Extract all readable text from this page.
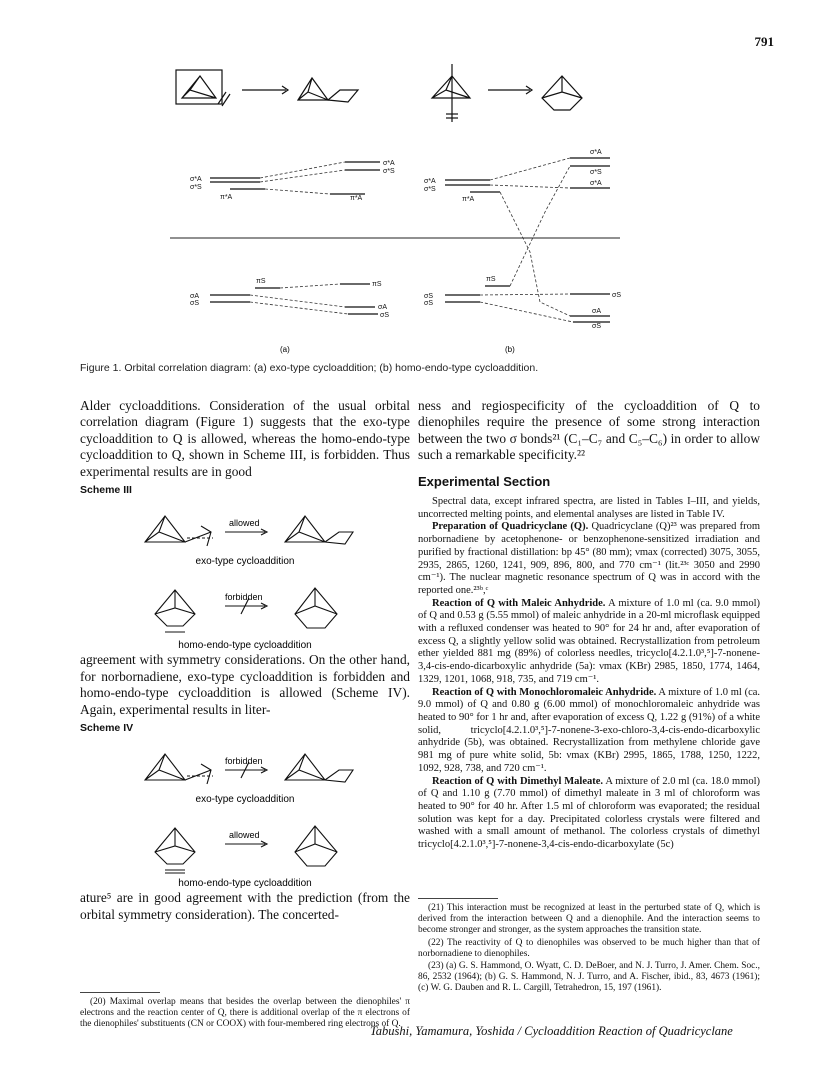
791
σ*A
σ*S
π*A	π*A
σ*A
σ*S
σA
σS
πS	πS
σA
σS
σ*A
σ*S
π*A
σ*A
σ*S
σ*A
σS
σS
πS
σS
σA
σS
(a)	(b)
Figure 1. Orbital correlation diagram: (a) exo-type cycloaddition; (b) homo-endo-type cycloaddition.

Alder cycloadditions. Consideration of the usual orbital correlation diagram (Figure 1) suggests that the exo-type cycloaddition to Q is allowed, whereas the homo-endo-type cycloaddition to Q, shown in Scheme III, is forbidden. Thus experimental results are in good

Scheme III
allowed
forbidden
exo-type cycloaddition
homo-endo-type cycloaddition

agreement with symmetry considerations. On the other hand, for norbornadiene, exo-type cycloaddition is forbidden and homo-endo-type cycloaddition is allowed (Scheme IV). Again, experimental results in liter-

Scheme IV
forbidden
allowed
exo-type cycloaddition
homo-endo-type cycloaddition

ature⁵ are in good agreement with the prediction (from the orbital symmetry consideration). The concerted-

(20) Maximal overlap means that besides the overlap between the dienophiles' π electrons and the reaction center of Q, there is additional overlap of the π electrons of the dienophiles' substituents (CN or COOX) with four-membered ring electrons of Q.

ness and regiospecificity of the cycloaddition of Q to dienophiles require the presence of some strong interaction between the two σ bonds²¹ (C₁–C₇ and C₅–C₆) in order to allow such a remarkable specificity.²²

Experimental Section

Spectral data, except infrared spectra, are listed in Tables I–III, and yields, uncorrected melting points, and elemental analyses are listed in Table IV.

Preparation of Quadricyclane (Q). Quadricyclane (Q)²³ was prepared from norbornadiene by acetophenone- or benzophenone-sensitized irradiation and purified by fractional distillation: bp 45° (80 mm); νmax (corrected) 3075, 3055, 2935, 2865, 1260, 1241, 909, 896, 800, and 770 cm⁻¹ (lit.²³ᶜ 3050 and 2990 cm⁻¹). The nuclear magnetic resonance spectrum of Q was in accord with the reported one.²³ᵇ,ᶜ

Reaction of Q with Maleic Anhydride. A mixture of 1.0 ml (ca. 9.0 mmol) of Q and 0.53 g (5.55 mmol) of maleic anhydride in a 20-ml microflask equipped with a refluxed condenser was heated to 90° for 24 hr and, after evaporation of excess Q, a slightly yellow solid was obtained. Recrystallization from petroleum ether yielded 881 mg (89%) of colorless needles, tricyclo[4.2.1.0³,⁵]-7-nonene-3,4-cis-endo-dicarboxylic anhydride (5a): νmax (KBr) 2985, 1850, 1774, 1464, 1329, 1201, 1068, 918, 735, and 719 cm⁻¹.

Reaction of Q with Monochloromaleic Anhydride. A mixture of 1.0 ml (ca. 9.0 mmol) of Q and 0.80 g (6.00 mmol) of monochloromaleic anhydride was heated to 90° for 1 hr and, after evaporation of excess Q, 1.22 g (91%) of a white solid, tricyclo[4.2.1.0³,⁵]-7-nonene-3-exo-chloro-3,4-cis-endo-dicarboxylic anhydride (5b), was obtained. Recrystallization from methylene chloride gave 981 mg of pure white solid, 5b: νmax (KBr) 2995, 1865, 1788, 1250, 1222, 1092, 928, 738, and 720 cm⁻¹.

Reaction of Q with Dimethyl Maleate. A mixture of 2.0 ml (ca. 18.0 mmol) of Q and 1.10 g (7.70 mmol) of dimethyl maleate in 3 ml of chloroform was heated to 90° for 40 hr. After 1.5 ml of chloroform was evaporated; the residual solution was kept for a day. Precipitated colorless crystals were filtered and washed with a small amount of methanol. The colorless crystals of dimethyl tricyclo[4.2.1.0³,⁵]-7-nonene-3,4-cis-endo-dicarboxylate (5c)

(21) This interaction must be recognized at least in the perturbed state of Q, which is derived from the interaction between Q and a dienophile. And the interaction seems to become stronger and stronger, as the system approaches the transition state.

(22) The reactivity of Q to dienophiles was observed to be much higher than that of norbornadiene to dienophiles.

(23) (a) G. S. Hammond, O. Wyatt, C. D. DeBoer, and N. J. Turro, J. Amer. Chem. Soc., 86, 2532 (1964); (b) G. S. Hammond, N. J. Turro, and A. Fischer, ibid., 83, 4673 (1961); (c) W. G. Dauben and R. L. Cargill, Tetrahedron, 15, 197 (1961).

Tabushi, Yamamura, Yoshida / Cycloaddition Reaction of Quadricyclane
